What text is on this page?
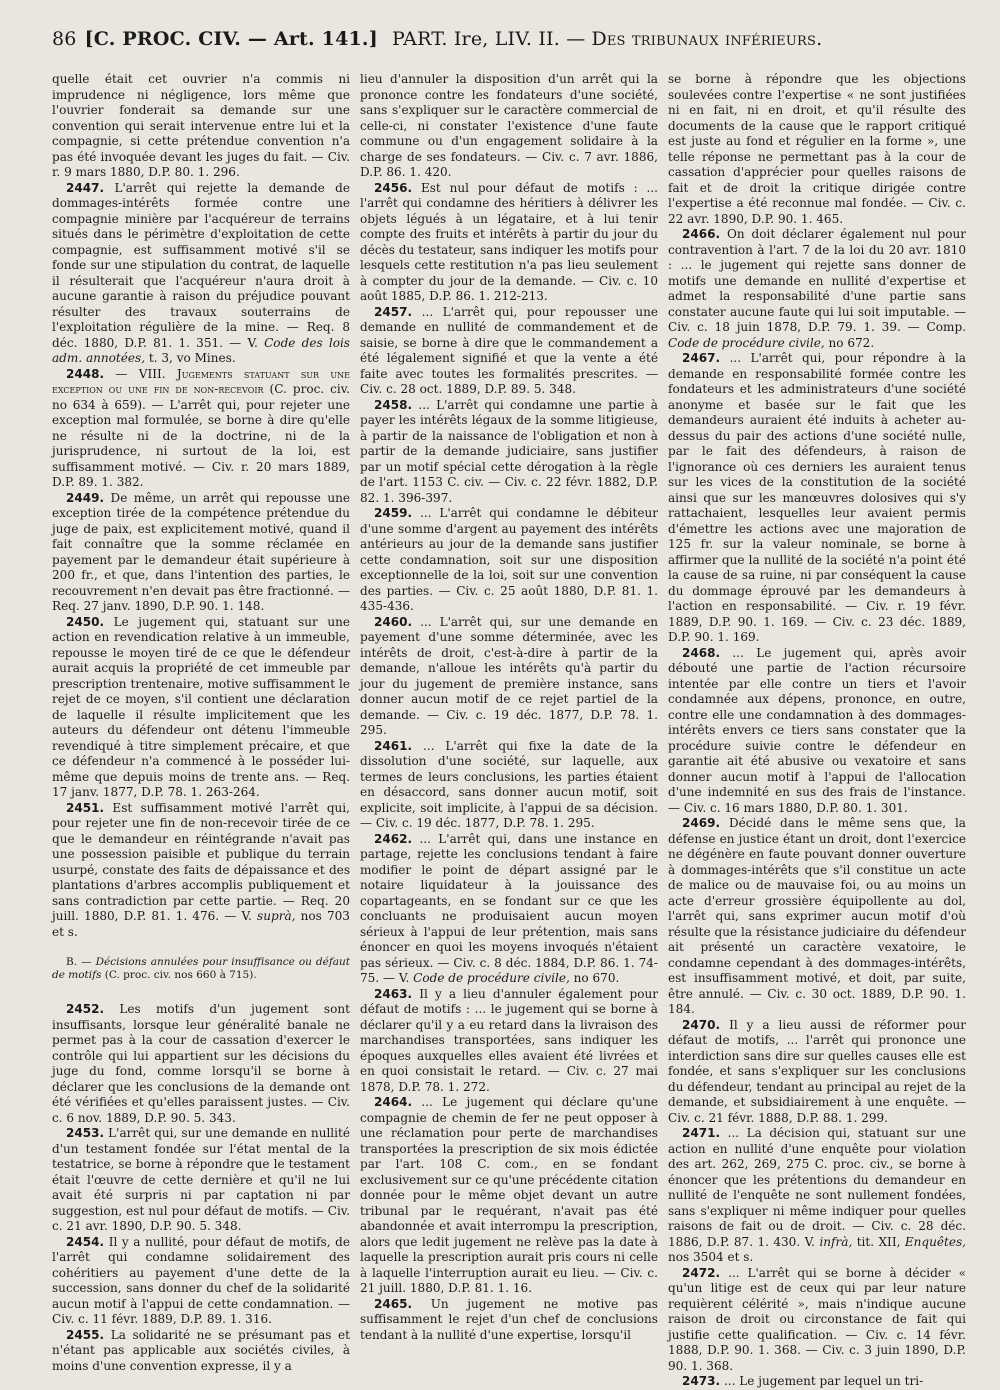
86 [C. PROC. CIV. — Art. 141.] PART. Ire, LIV. II. — Des tribunaux inférieurs.

quelle était cet ouvrier n'a commis ni imprudence ni négligence, lors même que l'ouvrier fonderait sa demande sur une convention qui serait intervenue entre lui et la compagnie, si cette prétendue convention n'a pas été invoquée devant les juges du fait. — Civ. r. 9 mars 1880, D.P. 80. 1. 296.

2447. L'arrêt qui rejette la demande de dommages-intérêts formée contre une compagnie minière par l'acquéreur de terrains situés dans le périmètre d'exploitation de cette compagnie, est suffisamment motivé s'il se fonde sur une stipulation du contrat, de laquelle il résulterait que l'acquéreur n'aura droit à aucune garantie à raison du préjudice pouvant résulter des travaux souterrains de l'exploitation régulière de la mine. — Req. 8 déc. 1880, D.P. 81. 1. 351. — V. Code des lois adm. annotées, t. 3, vo Mines.

2448. — VIII. Jugements statuant sur une exception ou une fin de non-recevoir (C. proc. civ. no 634 à 659). — L'arrêt qui, pour rejeter une exception mal formulée, se borne à dire qu'elle ne résulte ni de la doctrine, ni de la jurisprudence, ni surtout de la loi, est suffisamment motivé. — Civ. r. 20 mars 1889, D.P. 89. 1. 382.

2449. De même, un arrêt qui repousse une exception tirée de la compétence prétendue du juge de paix, est explicitement motivé, quand il fait connaître que la somme réclamée en payement par le demandeur était supérieure à 200 fr., et que, dans l'intention des parties, le recouvrement n'en devait pas être fractionné. — Req. 27 janv. 1890, D.P. 90. 1. 148.

2450. Le jugement qui, statuant sur une action en revendication relative à un immeuble, repousse le moyen tiré de ce que le défendeur aurait acquis la propriété de cet immeuble par prescription trentenaire, motive suffisamment le rejet de ce moyen, s'il contient une déclaration de laquelle il résulte implicitement que les auteurs du défendeur ont détenu l'immeuble revendiqué à titre simplement précaire, et que ce défendeur n'a commencé à le posséder lui-même que depuis moins de trente ans. — Req. 17 janv. 1877, D.P. 78. 1. 263-264.

2451. Est suffisamment motivé l'arrêt qui, pour rejeter une fin de non-recevoir tirée de ce que le demandeur en réintégrande n'avait pas une possession paisible et publique du terrain usurpé, constate des faits de dépaissance et des plantations d'arbres accomplis publiquement et sans contradiction par cette partie. — Req. 20 juill. 1880, D.P. 81. 1. 476. — V. suprà, nos 703 et s.

B. — Décisions annulées pour insuffisance ou défaut de motifs (C. proc. civ. nos 660 à 715).

2452. Les motifs d'un jugement sont insuffisants, lorsque leur généralité banale ne permet pas à la cour de cassation d'exercer le contrôle qui lui appartient sur les décisions du juge du fond, comme lorsqu'il se borne à déclarer que les conclusions de la demande ont été vérifiées et qu'elles paraissent justes. — Civ. c. 6 nov. 1889, D.P. 90. 5. 343.

2453. L'arrêt qui, sur une demande en nullité d'un testament fondée sur l'état mental de la testatrice, se borne à répondre que le testament était l'œuvre de cette dernière et qu'il ne lui avait été surpris ni par captation ni par suggestion, est nul pour défaut de motifs. — Civ. c. 21 avr. 1890, D.P. 90. 5. 348.

2454. Il y a nullité, pour défaut de motifs, de l'arrêt qui condamne solidairement des cohéritiers au payement d'une dette de la succession, sans donner du chef de la solidarité aucun motif à l'appui de cette condamnation. — Civ. c. 11 févr. 1889, D.P. 89. 1. 316.

2455. La solidarité ne se présumant pas et n'étant pas applicable aux sociétés civiles, à moins d'une convention expresse, il y a

lieu d'annuler la disposition d'un arrêt qui la prononce contre les fondateurs d'une société, sans s'expliquer sur le caractère commercial de celle-ci, ni constater l'existence d'une faute commune ou d'un engagement solidaire à la charge de ses fondateurs. — Civ. c. 7 avr. 1886, D.P. 86. 1. 420.

2456. Est nul pour défaut de motifs : ... l'arrêt qui condamne des héritiers à délivrer les objets légués à un légataire, et à lui tenir compte des fruits et intérêts à partir du jour du décès du testateur, sans indiquer les motifs pour lesquels cette restitution n'a pas lieu seulement à compter du jour de la demande. — Civ. c. 10 août 1885, D.P. 86. 1. 212-213.

2457. ... L'arrêt qui, pour repousser une demande en nullité de commandement et de saisie, se borne à dire que le commandement a été légalement signifié et que la vente a été faite avec toutes les formalités prescrites. — Civ. c. 28 oct. 1889, D.P. 89. 5. 348.

2458. ... L'arrêt qui condamne une partie à payer les intérêts légaux de la somme litigieuse, à partir de la naissance de l'obligation et non à partir de la demande judiciaire, sans justifier par un motif spécial cette dérogation à la règle de l'art. 1153 C. civ. — Civ. c. 22 févr. 1882, D.P. 82. 1. 396-397.

2459. ... L'arrêt qui condamne le débiteur d'une somme d'argent au payement des intérêts antérieurs au jour de la demande sans justifier cette condamnation, soit sur une disposition exceptionnelle de la loi, soit sur une convention des parties. — Civ. c. 25 août 1880, D.P. 81. 1. 435-436.

2460. ... L'arrêt qui, sur une demande en payement d'une somme déterminée, avec les intérêts de droit, c'est-à-dire à partir de la demande, n'alloue les intérêts qu'à partir du jour du jugement de première instance, sans donner aucun motif de ce rejet partiel de la demande. — Civ. c. 19 déc. 1877, D.P. 78. 1. 295.

2461. ... L'arrêt qui fixe la date de la dissolution d'une société, sur laquelle, aux termes de leurs conclusions, les parties étaient en désaccord, sans donner aucun motif, soit explicite, soit implicite, à l'appui de sa décision. — Civ. c. 19 déc. 1877, D.P. 78. 1. 295.

2462. ... L'arrêt qui, dans une instance en partage, rejette les conclusions tendant à faire modifier le point de départ assigné par le notaire liquidateur à la jouissance des copartageants, en se fondant sur ce que les concluants ne produisaient aucun moyen sérieux à l'appui de leur prétention, mais sans énoncer en quoi les moyens invoqués n'étaient pas sérieux. — Civ. c. 8 déc. 1884, D.P. 86. 1. 74-75. — V. Code de procédure civile, no 670.

2463. Il y a lieu d'annuler également pour défaut de motifs : ... le jugement qui se borne à déclarer qu'il y a eu retard dans la livraison des marchandises transportées, sans indiquer les époques auxquelles elles avaient été livrées et en quoi consistait le retard. — Civ. c. 27 mai 1878, D.P. 78. 1. 272.

2464. ... Le jugement qui déclare qu'une compagnie de chemin de fer ne peut opposer à une réclamation pour perte de marchandises transportées la prescription de six mois édictée par l'art. 108 C. com., en se fondant exclusivement sur ce qu'une précédente citation donnée pour le même objet devant un autre tribunal par le requérant, n'avait pas été abandonnée et avait interrompu la prescription, alors que ledit jugement ne relève pas la date à laquelle la prescription aurait pris cours ni celle à laquelle l'interruption aurait eu lieu. — Civ. c. 21 juill. 1880, D.P. 81. 1. 16.

2465. Un jugement ne motive pas suffisamment le rejet d'un chef de conclusions tendant à la nullité d'une expertise, lorsqu'il

se borne à répondre que les objections soulevées contre l'expertise « ne sont justifiées ni en fait, ni en droit, et qu'il résulte des documents de la cause que le rapport critiqué est juste au fond et régulier en la forme », une telle réponse ne permettant pas à la cour de cassation d'apprécier pour quelles raisons de fait et de droit la critique dirigée contre l'expertise a été reconnue mal fondée. — Civ. c. 22 avr. 1890, D.P. 90. 1. 465.

2466. On doit déclarer également nul pour contravention à l'art. 7 de la loi du 20 avr. 1810 : ... le jugement qui rejette sans donner de motifs une demande en nullité d'expertise et admet la responsabilité d'une partie sans constater aucune faute qui lui soit imputable. — Civ. c. 18 juin 1878, D.P. 79. 1. 39. — Comp. Code de procédure civile, no 672.

2467. ... L'arrêt qui, pour répondre à la demande en responsabilité formée contre les fondateurs et les administrateurs d'une société anonyme et basée sur le fait que les demandeurs auraient été induits à acheter au-dessus du pair des actions d'une société nulle, par le fait des défendeurs, à raison de l'ignorance où ces derniers les auraient tenus sur les vices de la constitution de la société ainsi que sur les manœuvres dolosives qui s'y rattachaient, lesquelles leur avaient permis d'émettre les actions avec une majoration de 125 fr. sur la valeur nominale, se borne à affirmer que la nullité de la société n'a point été la cause de sa ruine, ni par conséquent la cause du dommage éprouvé par les demandeurs à l'action en responsabilité. — Civ. r. 19 févr. 1889, D.P. 90. 1. 169. — Civ. c. 23 déc. 1889, D.P. 90. 1. 169.

2468. ... Le jugement qui, après avoir débouté une partie de l'action récursoire intentée par elle contre un tiers et l'avoir condamnée aux dépens, prononce, en outre, contre elle une condamnation à des dommages-intérêts envers ce tiers sans constater que la procédure suivie contre le défendeur en garantie ait été abusive ou vexatoire et sans donner aucun motif à l'appui de l'allocation d'une indemnité en sus des frais de l'instance. — Civ. c. 16 mars 1880, D.P. 80. 1. 301.

2469. Décidé dans le même sens que, la défense en justice étant un droit, dont l'exercice ne dégénère en faute pouvant donner ouverture à dommages-intérêts que s'il constitue un acte de malice ou de mauvaise foi, ou au moins un acte d'erreur grossière équipollente au dol, l'arrêt qui, sans exprimer aucun motif d'où résulte que la résistance judiciaire du défendeur ait présenté un caractère vexatoire, le condamne cependant à des dommages-intérêts, est insuffisamment motivé, et doit, par suite, être annulé. — Civ. c. 30 oct. 1889, D.P. 90. 1. 184.

2470. Il y a lieu aussi de réformer pour défaut de motifs, ... l'arrêt qui prononce une interdiction sans dire sur quelles causes elle est fondée, et sans s'expliquer sur les conclusions du défendeur, tendant au principal au rejet de la demande, et subsidiairement à une enquête. — Civ. c. 21 févr. 1888, D.P. 88. 1. 299.

2471. ... La décision qui, statuant sur une action en nullité d'une enquête pour violation des art. 262, 269, 275 C. proc. civ., se borne à énoncer que les prétentions du demandeur en nullité de l'enquête ne sont nullement fondées, sans s'expliquer ni même indiquer pour quelles raisons de fait ou de droit. — Civ. c. 28 déc. 1886, D.P. 87. 1. 430. V. infrà, tit. XII, Enquêtes, nos 3504 et s.

2472. ... L'arrêt qui se borne à décider « qu'un litige est de ceux qui par leur nature requièrent célérité », mais n'indique aucune raison de droit ou circonstance de fait qui justifie cette qualification. — Civ. c. 14 févr. 1888, D.P. 90. 1. 368. — Civ. c. 3 juin 1890, D.P. 90. 1. 368.

2473. ... Le jugement par lequel un tri-
